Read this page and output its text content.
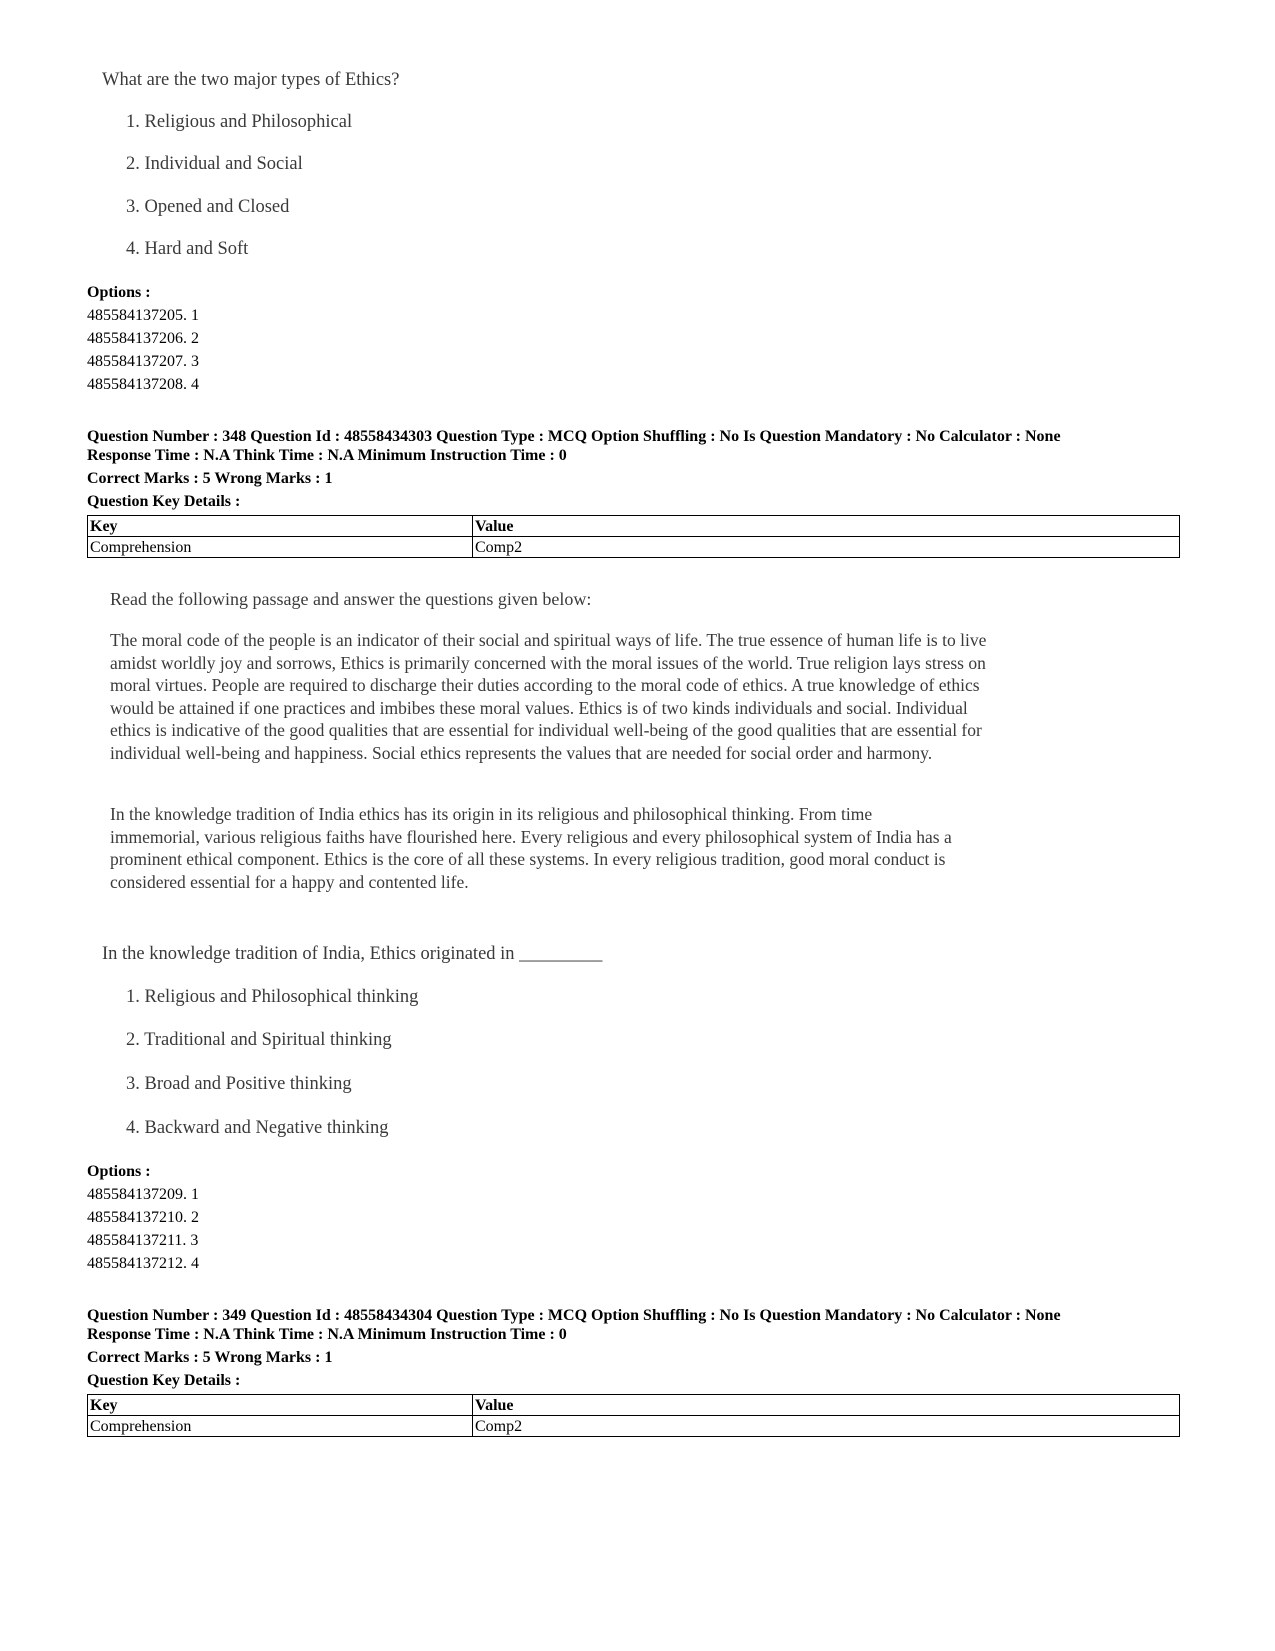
What are the two major types of Ethics?
1. Religious and Philosophical
2. Individual and Social
3. Opened and Closed
4. Hard and Soft
Options :
485584137205. 1
485584137206. 2
485584137207. 3
485584137208. 4
Question Number : 348 Question Id : 48558434303 Question Type : MCQ Option Shuffling : No Is Question Mandatory : No Calculator : None
Response Time : N.A Think Time : N.A Minimum Instruction Time : 0
Correct Marks : 5 Wrong Marks : 1
Question Key Details :
Key	Value
Comprehension	Comp2
Read the following passage and answer the questions given below:
The moral code of the people is an indicator of their social and spiritual ways of life. The true essence of human life is to live amidst worldly joy and sorrows, Ethics is primarily concerned with the moral issues of the world. True religion lays stress on moral virtues. People are required to discharge their duties according to the moral code of ethics. A true knowledge of ethics would be attained if one practices and imbibes these moral values. Ethics is of two kinds individuals and social. Individual ethics is indicative of the good qualities that are essential for individual well-being of the good qualities that are essential for individual well-being and happiness. Social ethics represents the values that are needed for social order and harmony.
In the knowledge tradition of India ethics has its origin in its religious and philosophical thinking. From time immemorial, various religious faiths have flourished here. Every religious and every philosophical system of India has a prominent ethical component. Ethics is the core of all these systems. In every religious tradition, good moral conduct is considered essential for a happy and contented life.
In the knowledge tradition of India, Ethics originated in _________
1. Religious and Philosophical thinking
2. Traditional and Spiritual thinking
3. Broad and Positive thinking
4. Backward and Negative thinking
Options :
485584137209. 1
485584137210. 2
485584137211. 3
485584137212. 4
Question Number : 349 Question Id : 48558434304 Question Type : MCQ Option Shuffling : No Is Question Mandatory : No Calculator : None
Response Time : N.A Think Time : N.A Minimum Instruction Time : 0
Correct Marks : 5 Wrong Marks : 1
Question Key Details :
Key	Value
Comprehension	Comp2
